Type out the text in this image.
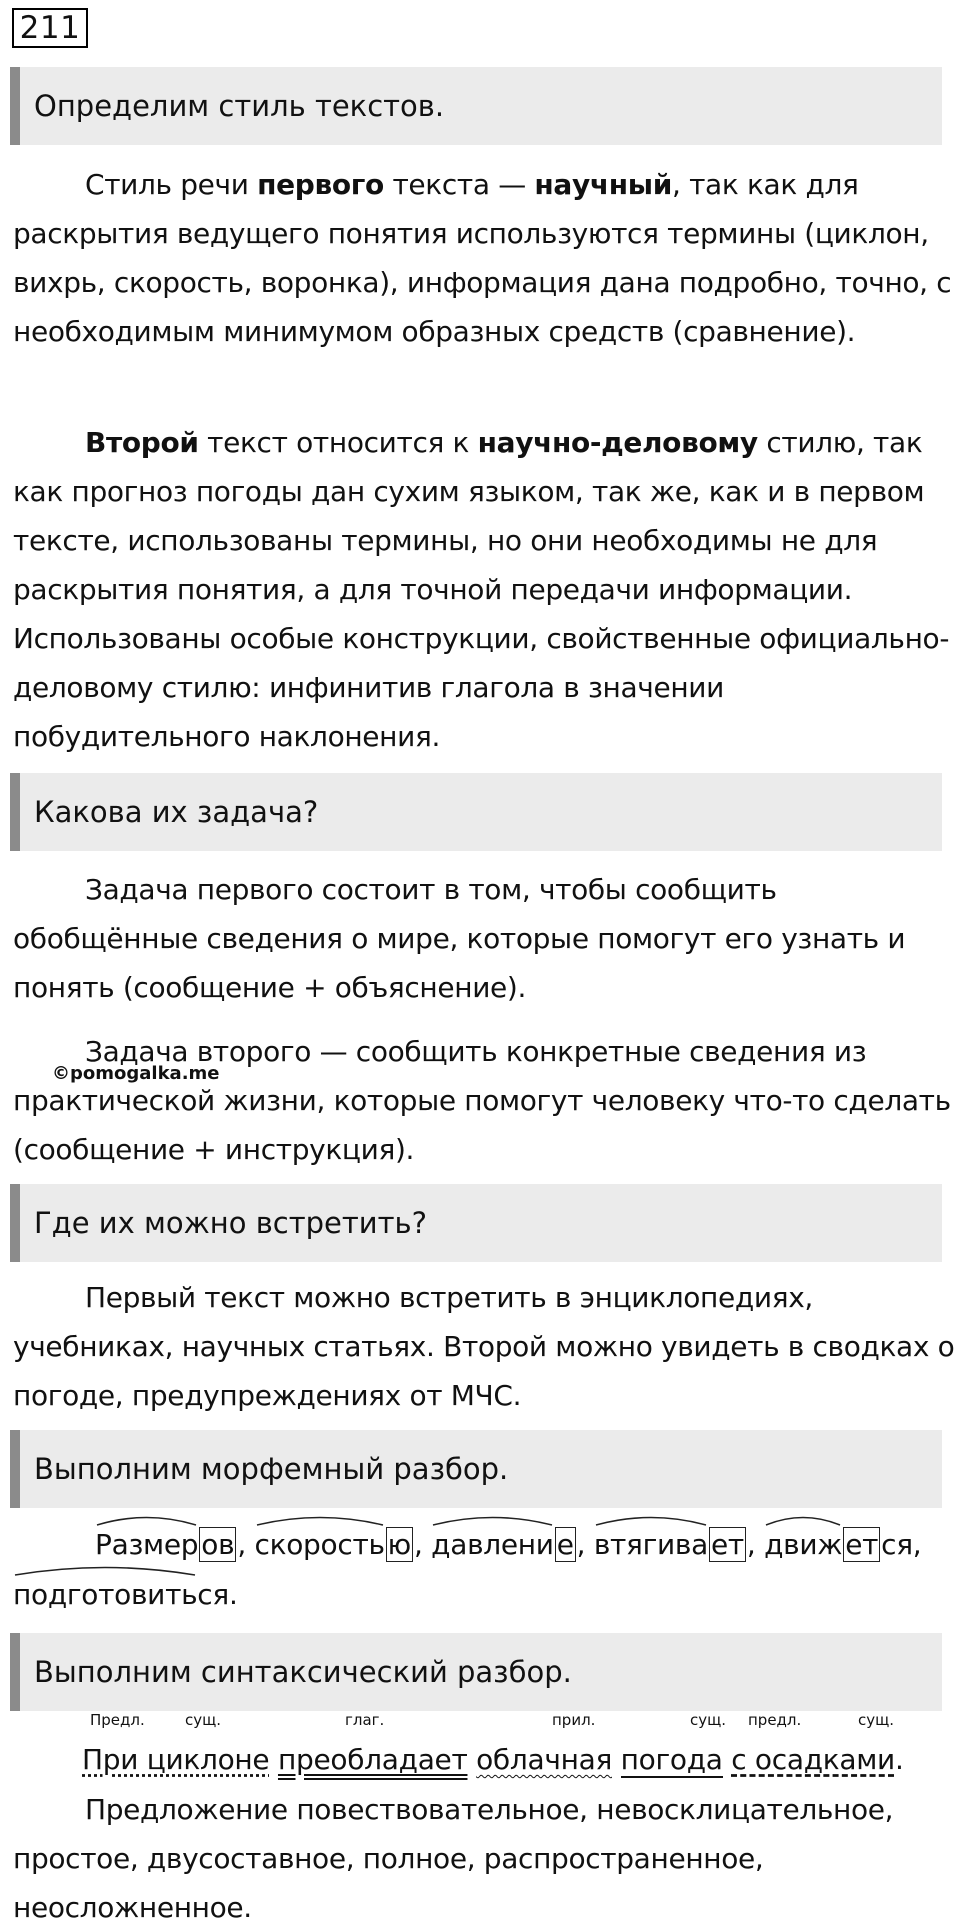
211
Определим стиль текстов.

Стиль речи первого текста — научный, так как для раскрытия ведущего понятия используются термины (циклон, вихрь, скорость, воронка), информация дана подробно, точно, с необходимым минимумом образных средств (сравнение).

Второй текст относится к научно-деловому стилю, так как прогноз погоды дан сухим языком, так же, как и в первом тексте, использованы термины, но они необходимы не для раскрытия понятия, а для точной передачи информации. Использованы особые конструкции, свойственные официально-деловому стилю: инфинитив глагола в значении побудительного наклонения.

Какова их задача?

Задача первого состоит в том, чтобы сообщить обобщённые сведения о мире, которые помогут его узнать и понять (сообщение + объяснение).

Задача второго — сообщить конкретные сведения из практической жизни, которые помогут человеку что-то сделать (сообщение + инструкция).

©pomogalka.me
Где их можно встретить?

Первый текст можно встретить в энциклопедиях, учебниках, научных статьях. Второй можно увидеть в сводках о погоде, предупреждениях от МЧС.

Выполним морфемный разбор.
Размер ов , скорость ю , давлени е , втягива ет , движ ет ся
, подготовиться
.
Выполним синтаксический разбор.
Предл.	сущ.	глаг.	прил.	сущ. предл.	сущ.
При циклоне преобладает облачная погода с осадками.

Предложение повествовательное, невосклицательное, простое, двусоставное, полное, распространенное, неосложненное.
